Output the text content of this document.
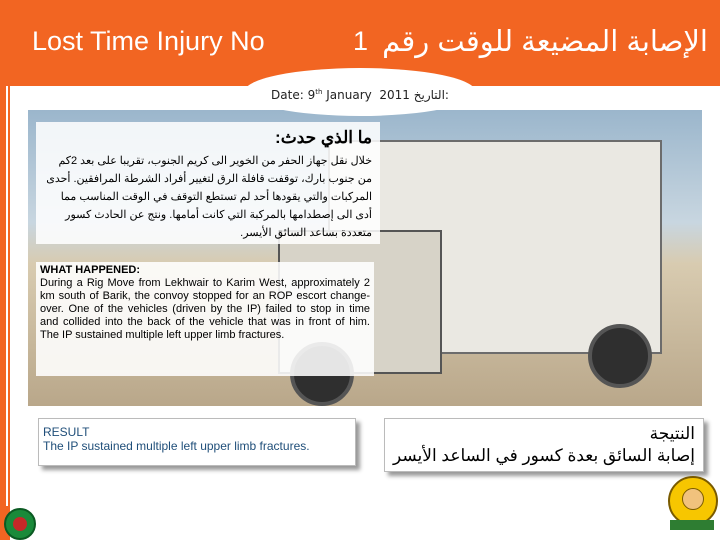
Lost Time Injury No	1 الإصابة المضيعة للوقت رقم
Date: 9th January  2011 التاريخ:
ما الذي حدث:
خلال نقل جهاز الحفر من الخوير الى كريم الجنوب، تقريبا على بعد 2كم من جنوب بارك، توقفت قافلة الرق لتغيير أفراد الشرطة المرافقين. أحدى المركبات والتي يقودها أحد لم تستطع التوقف في الوقت المناسب مما أدى الى إصطدامها بالمركبة التي كانت أمامها. ونتج عن الحادث كسور متعددة بساعد السائق الأيسر.
WHAT HAPPENED:
During a Rig Move from Lekhwair to Karim West, approximately 2 km south of Barik, the convoy stopped for an ROP escort change-over. One of the vehicles (driven by the IP) failed to stop in time and collided into the back of the vehicle that was in front of him. The IP sustained multiple left upper limb fractures.
RESULT
The IP sustained multiple left upper limb fractures.
النتيجة
إصابة السائق بعدة كسور في الساعد الأيسر
